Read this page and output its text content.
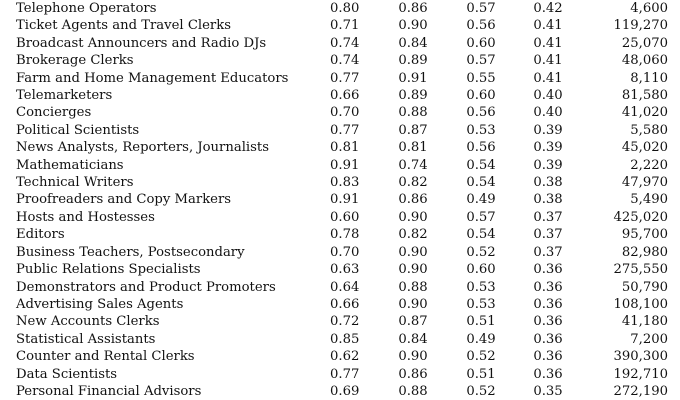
Telephone Operators	0.80	0.86	0.57	0.42	4,600
Ticket Agents and Travel Clerks	0.71	0.90	0.56	0.41	119,270
Broadcast Announcers and Radio DJs	0.74	0.84	0.60	0.41	25,070
Brokerage Clerks	0.74	0.89	0.57	0.41	48,060
Farm and Home Management Educators	0.77	0.91	0.55	0.41	8,110
Telemarketers	0.66	0.89	0.60	0.40	81,580
Concierges	0.70	0.88	0.56	0.40	41,020
Political Scientists	0.77	0.87	0.53	0.39	5,580
News Analysts, Reporters, Journalists	0.81	0.81	0.56	0.39	45,020
Mathematicians	0.91	0.74	0.54	0.39	2,220
Technical Writers	0.83	0.82	0.54	0.38	47,970
Proofreaders and Copy Markers	0.91	0.86	0.49	0.38	5,490
Hosts and Hostesses	0.60	0.90	0.57	0.37	425,020
Editors	0.78	0.82	0.54	0.37	95,700
Business Teachers, Postsecondary	0.70	0.90	0.52	0.37	82,980
Public Relations Specialists	0.63	0.90	0.60	0.36	275,550
Demonstrators and Product Promoters	0.64	0.88	0.53	0.36	50,790
Advertising Sales Agents	0.66	0.90	0.53	0.36	108,100
New Accounts Clerks	0.72	0.87	0.51	0.36	41,180
Statistical Assistants	0.85	0.84	0.49	0.36	7,200
Counter and Rental Clerks	0.62	0.90	0.52	0.36	390,300
Data Scientists	0.77	0.86	0.51	0.36	192,710
Personal Financial Advisors	0.69	0.88	0.52	0.35	272,190
